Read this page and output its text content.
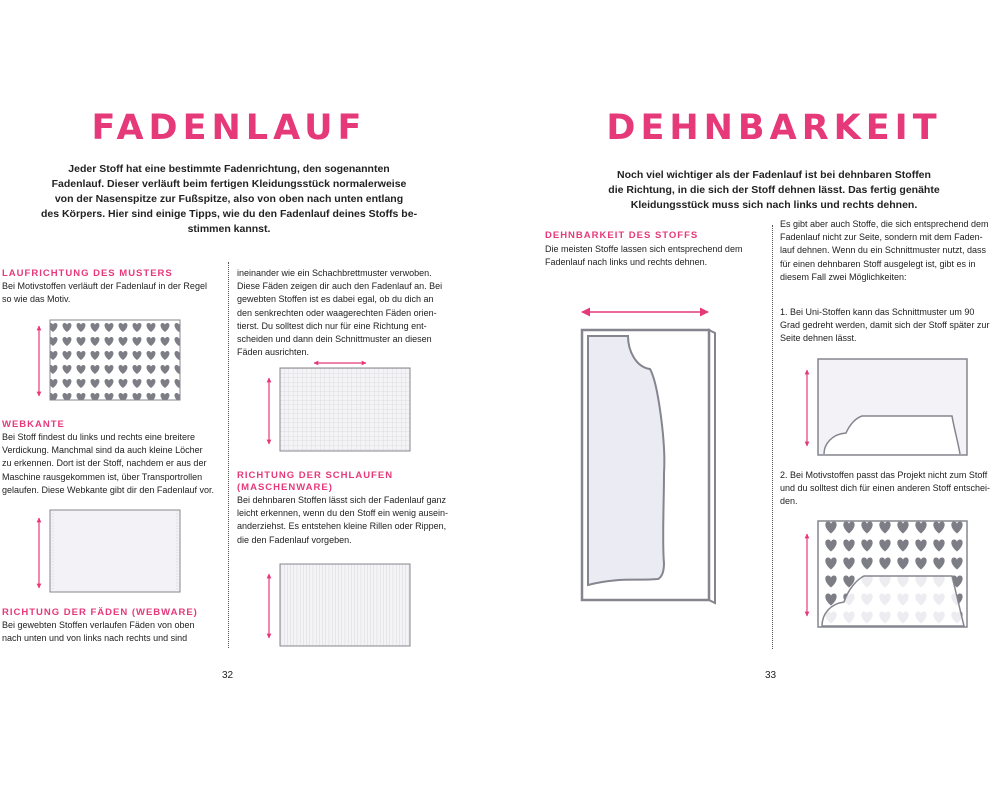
FADENLAUF
Jeder Stoff hat eine bestimmte Fadenrichtung, den sogenannten
Fadenlauf. Dieser verläuft beim fertigen Kleidungsstück normalerweise
von der Nasenspitze zur Fußspitze, also von oben nach unten entlang
des Körpers. Hier sind einige Tipps, wie du den Fadenlauf deines Stoffs be-
stimmen kannst.
LAUFRICHTUNG DES MUSTERS
Bei Motivstoffen verläuft der Fadenlauf in der Regel
so wie das Motiv.
WEBKANTE
Bei Stoff findest du links und rechts eine breitere
Verdickung. Manchmal sind da auch kleine Löcher
zu erkennen. Dort ist der Stoff, nachdem er aus der
Maschine rausgekommen ist, über Transportrollen
gelaufen. Diese Webkante gibt dir den Fadenlauf vor.
RICHTUNG DER FÄDEN (WEBWARE)
Bei gewebten Stoffen verlaufen Fäden von oben
nach unten und von links nach rechts und sind
ineinander wie ein Schachbrettmuster verwoben.
Diese Fäden zeigen dir auch den Fadenlauf an. Bei
gewebten Stoffen ist es dabei egal, ob du dich an
den senkrechten oder waagerechten Fäden orien-
tierst. Du solltest dich nur für eine Richtung ent-
scheiden und dann dein Schnittmuster an diesen
Fäden ausrichten.
RICHTUNG DER SCHLAUFEN
(MASCHENWARE)
Bei dehnbaren Stoffen lässt sich der Fadenlauf ganz
leicht erkennen, wenn du den Stoff ein wenig ausein-
anderziehst. Es entstehen kleine Rillen oder Rippen,
die den Fadenlauf vorgeben.
32
DEHNBARKEIT
Noch viel wichtiger als der Fadenlauf ist bei dehnbaren Stoffen
die Richtung, in die sich der Stoff dehnen lässt. Das fertig genähte
Kleidungsstück muss sich nach links und rechts dehnen.
DEHNBARKEIT DES STOFFS
Die meisten Stoffe lassen sich entsprechend dem
Fadenlauf nach links und rechts dehnen.
Es gibt aber auch Stoffe, die sich entsprechend dem
Fadenlauf nicht zur Seite, sondern mit dem Faden-
lauf dehnen. Wenn du ein Schnittmuster nutzt, dass
für einen dehnbaren Stoff ausgelegt ist, gibt es in
diesem Fall zwei Möglichkeiten:
1. Bei Uni-Stoffen kann das Schnittmuster um 90
Grad gedreht werden, damit sich der Stoff später zur
Seite dehnen lässt.
2. Bei Motivstoffen passt das Projekt nicht zum Stoff
und du solltest dich für einen anderen Stoff entschei-
den.
33
